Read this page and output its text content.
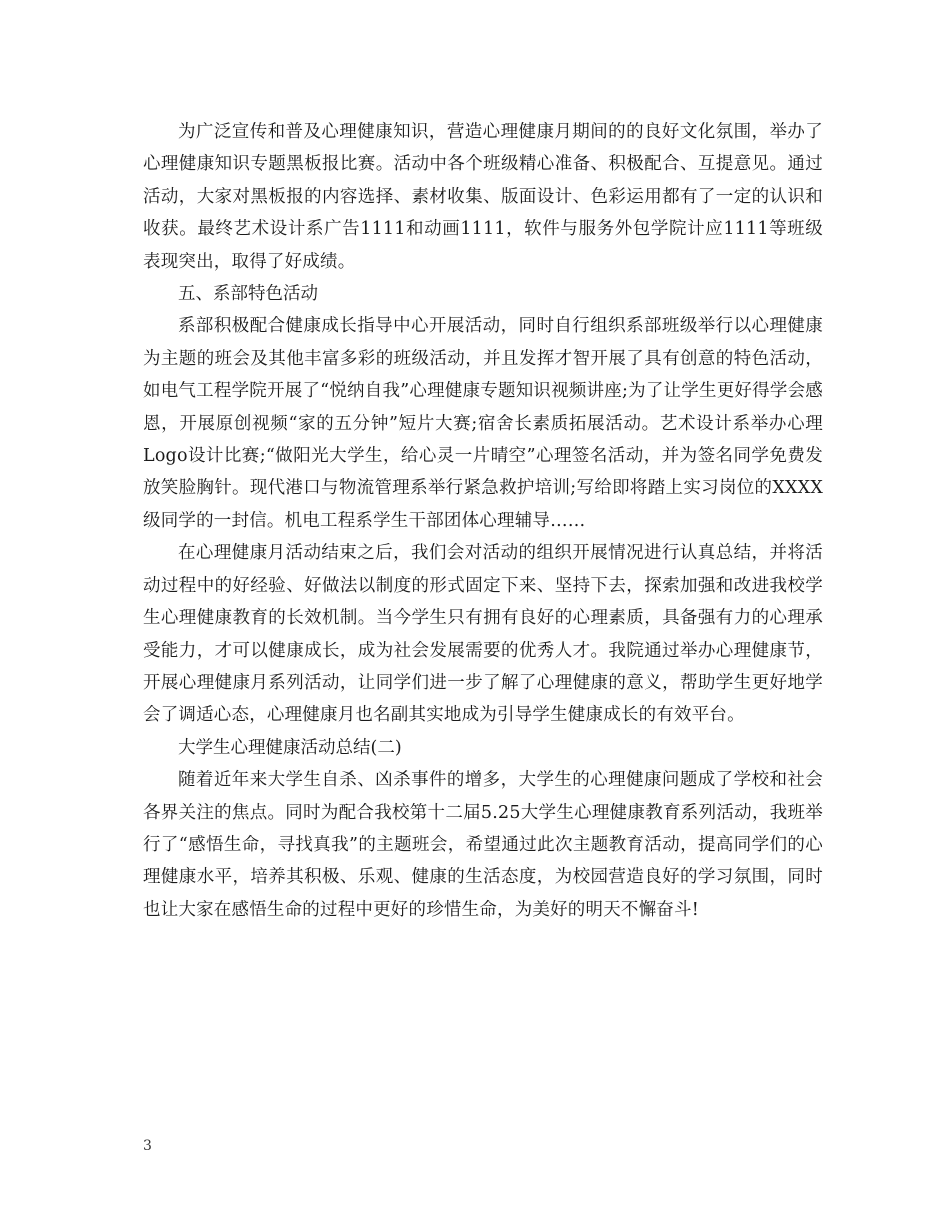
为广泛宣传和普及心理健康知识，营造心理健康月期间的的良好文化氛围，举办了心理健康知识专题黑板报比赛。活动中各个班级精心准备、积极配合、互提意见。通过活动，大家对黑板报的内容选择、素材收集、版面设计、色彩运用都有了一定的认识和收获。最终艺术设计系广告1111和动画1111，软件与服务外包学院计应1111等班级表现突出，取得了好成绩。

五、系部特色活动

系部积极配合健康成长指导中心开展活动，同时自行组织系部班级举行以心理健康为主题的班会及其他丰富多彩的班级活动，并且发挥才智开展了具有创意的特色活动，如电气工程学院开展了“悦纳自我”心理健康专题知识视频讲座;为了让学生更好得学会感恩，开展原创视频“家的五分钟”短片大赛;宿舍长素质拓展活动。艺术设计系举办心理Logo设计比赛;“做阳光大学生，给心灵一片晴空”心理签名活动，并为签名同学免费发放笑脸胸针。现代港口与物流管理系举行紧急救护培训;写给即将踏上实习岗位的XXXX级同学的一封信。机电工程系学生干部团体心理辅导……

在心理健康月活动结束之后，我们会对活动的组织开展情况进行认真总结，并将活动过程中的好经验、好做法以制度的形式固定下来、坚持下去，探索加强和改进我校学生心理健康教育的长效机制。当今学生只有拥有良好的心理素质，具备强有力的心理承受能力，才可以健康成长，成为社会发展需要的优秀人才。我院通过举办心理健康节，开展心理健康月系列活动，让同学们进一步了解了心理健康的意义，帮助学生更好地学会了调适心态，心理健康月也名副其实地成为引导学生健康成长的有效平台。

大学生心理健康活动总结(二)

随着近年来大学生自杀、凶杀事件的增多，大学生的心理健康问题成了学校和社会各界关注的焦点。同时为配合我校第十二届5.25大学生心理健康教育系列活动，我班举行了“感悟生命，寻找真我”的主题班会，希望通过此次主题教育活动，提高同学们的心理健康水平，培养其积极、乐观、健康的生活态度，为校园营造良好的学习氛围，同时也让大家在感悟生命的过程中更好的珍惜生命，为美好的明天不懈奋斗!

3
